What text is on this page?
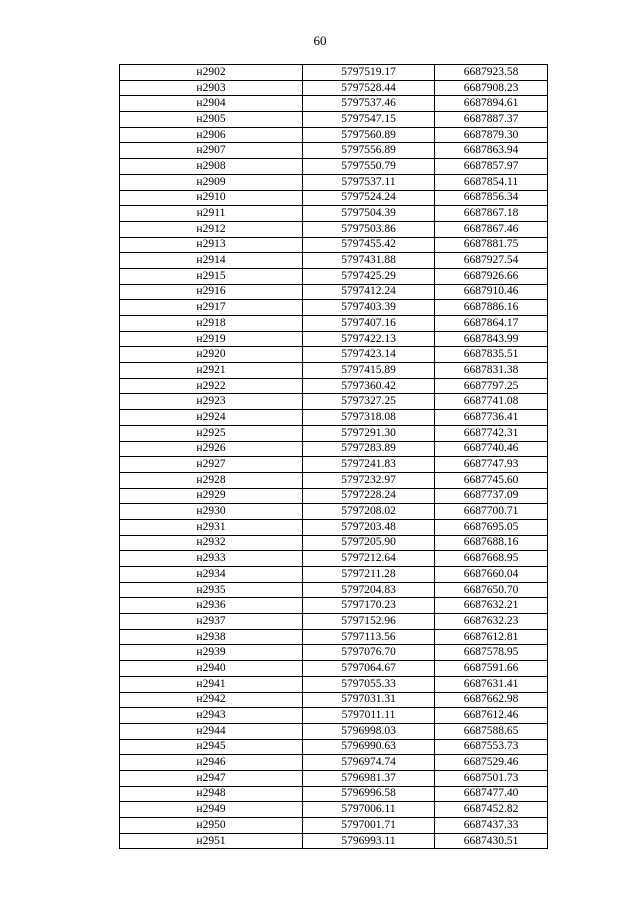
60
н2902	5797519.17	6687923.58
н2903	5797528.44	6687908.23
н2904	5797537.46	6687894.61
н2905	5797547.15	6687887.37
н2906	5797560.89	6687879.30
н2907	5797556.89	6687863.94
н2908	5797550.79	6687857.97
н2909	5797537.11	6687854.11
н2910	5797524.24	6687856.34
н2911	5797504.39	6687867.18
н2912	5797503.86	6687867.46
н2913	5797455.42	6687881.75
н2914	5797431.88	6687927.54
н2915	5797425.29	6687926.66
н2916	5797412.24	6687910.46
н2917	5797403.39	6687886.16
н2918	5797407.16	6687864.17
н2919	5797422.13	6687843.99
н2920	5797423.14	6687835.51
н2921	5797415.89	6687831.38
н2922	5797360.42	6687797.25
н2923	5797327.25	6687741.08
н2924	5797318.08	6687736.41
н2925	5797291.30	6687742.31
н2926	5797283.89	6687740.46
н2927	5797241.83	6687747.93
н2928	5797232.97	6687745.60
н2929	5797228.24	6687737.09
н2930	5797208.02	6687700.71
н2931	5797203.48	6687695.05
н2932	5797205.90	6687688.16
н2933	5797212.64	6687668.95
н2934	5797211.28	6687660.04
н2935	5797204.83	6687650.70
н2936	5797170.23	6687632.21
н2937	5797152.96	6687632.23
н2938	5797113.56	6687612.81
н2939	5797076.70	6687578.95
н2940	5797064.67	6687591.66
н2941	5797055.33	6687631.41
н2942	5797031.31	6687662.98
н2943	5797011.11	6687612.46
н2944	5796998.03	6687588.65
н2945	5796990.63	6687553.73
н2946	5796974.74	6687529.46
н2947	5796981.37	6687501.73
н2948	5796996.58	6687477.40
н2949	5797006.11	6687452.82
н2950	5797001.71	6687437.33
н2951	5796993.11	6687430.51
